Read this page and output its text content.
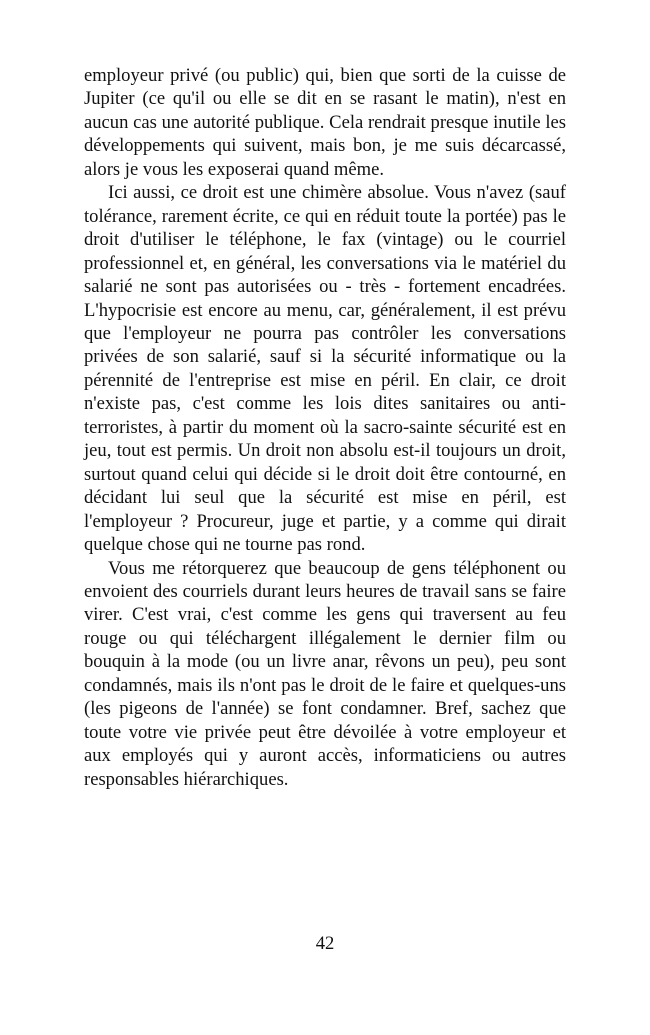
employeur privé (ou public) qui, bien que sorti de la cuisse de Jupiter (ce qu'il ou elle se dit en se rasant le matin), n'est en aucun cas une autorité publique. Cela rendrait presque inutile les développements qui suivent, mais bon, je me suis décarcassé, alors je vous les exposerai quand même.

Ici aussi, ce droit est une chimère absolue. Vous n'avez (sauf tolérance, rarement écrite, ce qui en réduit toute la portée) pas le droit d'utiliser le téléphone, le fax (vintage) ou le courriel professionnel et, en général, les conversations via le matériel du salarié ne sont pas autorisées ou - très - fortement encadrées. L'hypocrisie est encore au menu, car, généralement, il est prévu que l'employeur ne pourra pas contrôler les conversations privées de son salarié, sauf si la sécurité informatique ou la pérennité de l'entreprise est mise en péril. En clair, ce droit n'existe pas, c'est comme les lois dites sanitaires ou anti-terroristes, à partir du moment où la sacro-sainte sécurité est en jeu, tout est permis. Un droit non absolu est-il toujours un droit, surtout quand celui qui décide si le droit doit être contourné, en décidant lui seul que la sécurité est mise en péril, est l'employeur ? Procureur, juge et partie, y a comme qui dirait quelque chose qui ne tourne pas rond.

Vous me rétorquerez que beaucoup de gens téléphonent ou envoient des courriels durant leurs heures de travail sans se faire virer. C'est vrai, c'est comme les gens qui traversent au feu rouge ou qui téléchargent illégalement le dernier film ou bouquin à la mode (ou un livre anar, rêvons un peu), peu sont condamnés, mais ils n'ont pas le droit de le faire et quelques-uns (les pigeons de l'année) se font condamner. Bref, sachez que toute votre vie privée peut être dévoilée à votre employeur et aux employés qui y auront accès, informaticiens ou autres responsables hiérarchiques.

42
